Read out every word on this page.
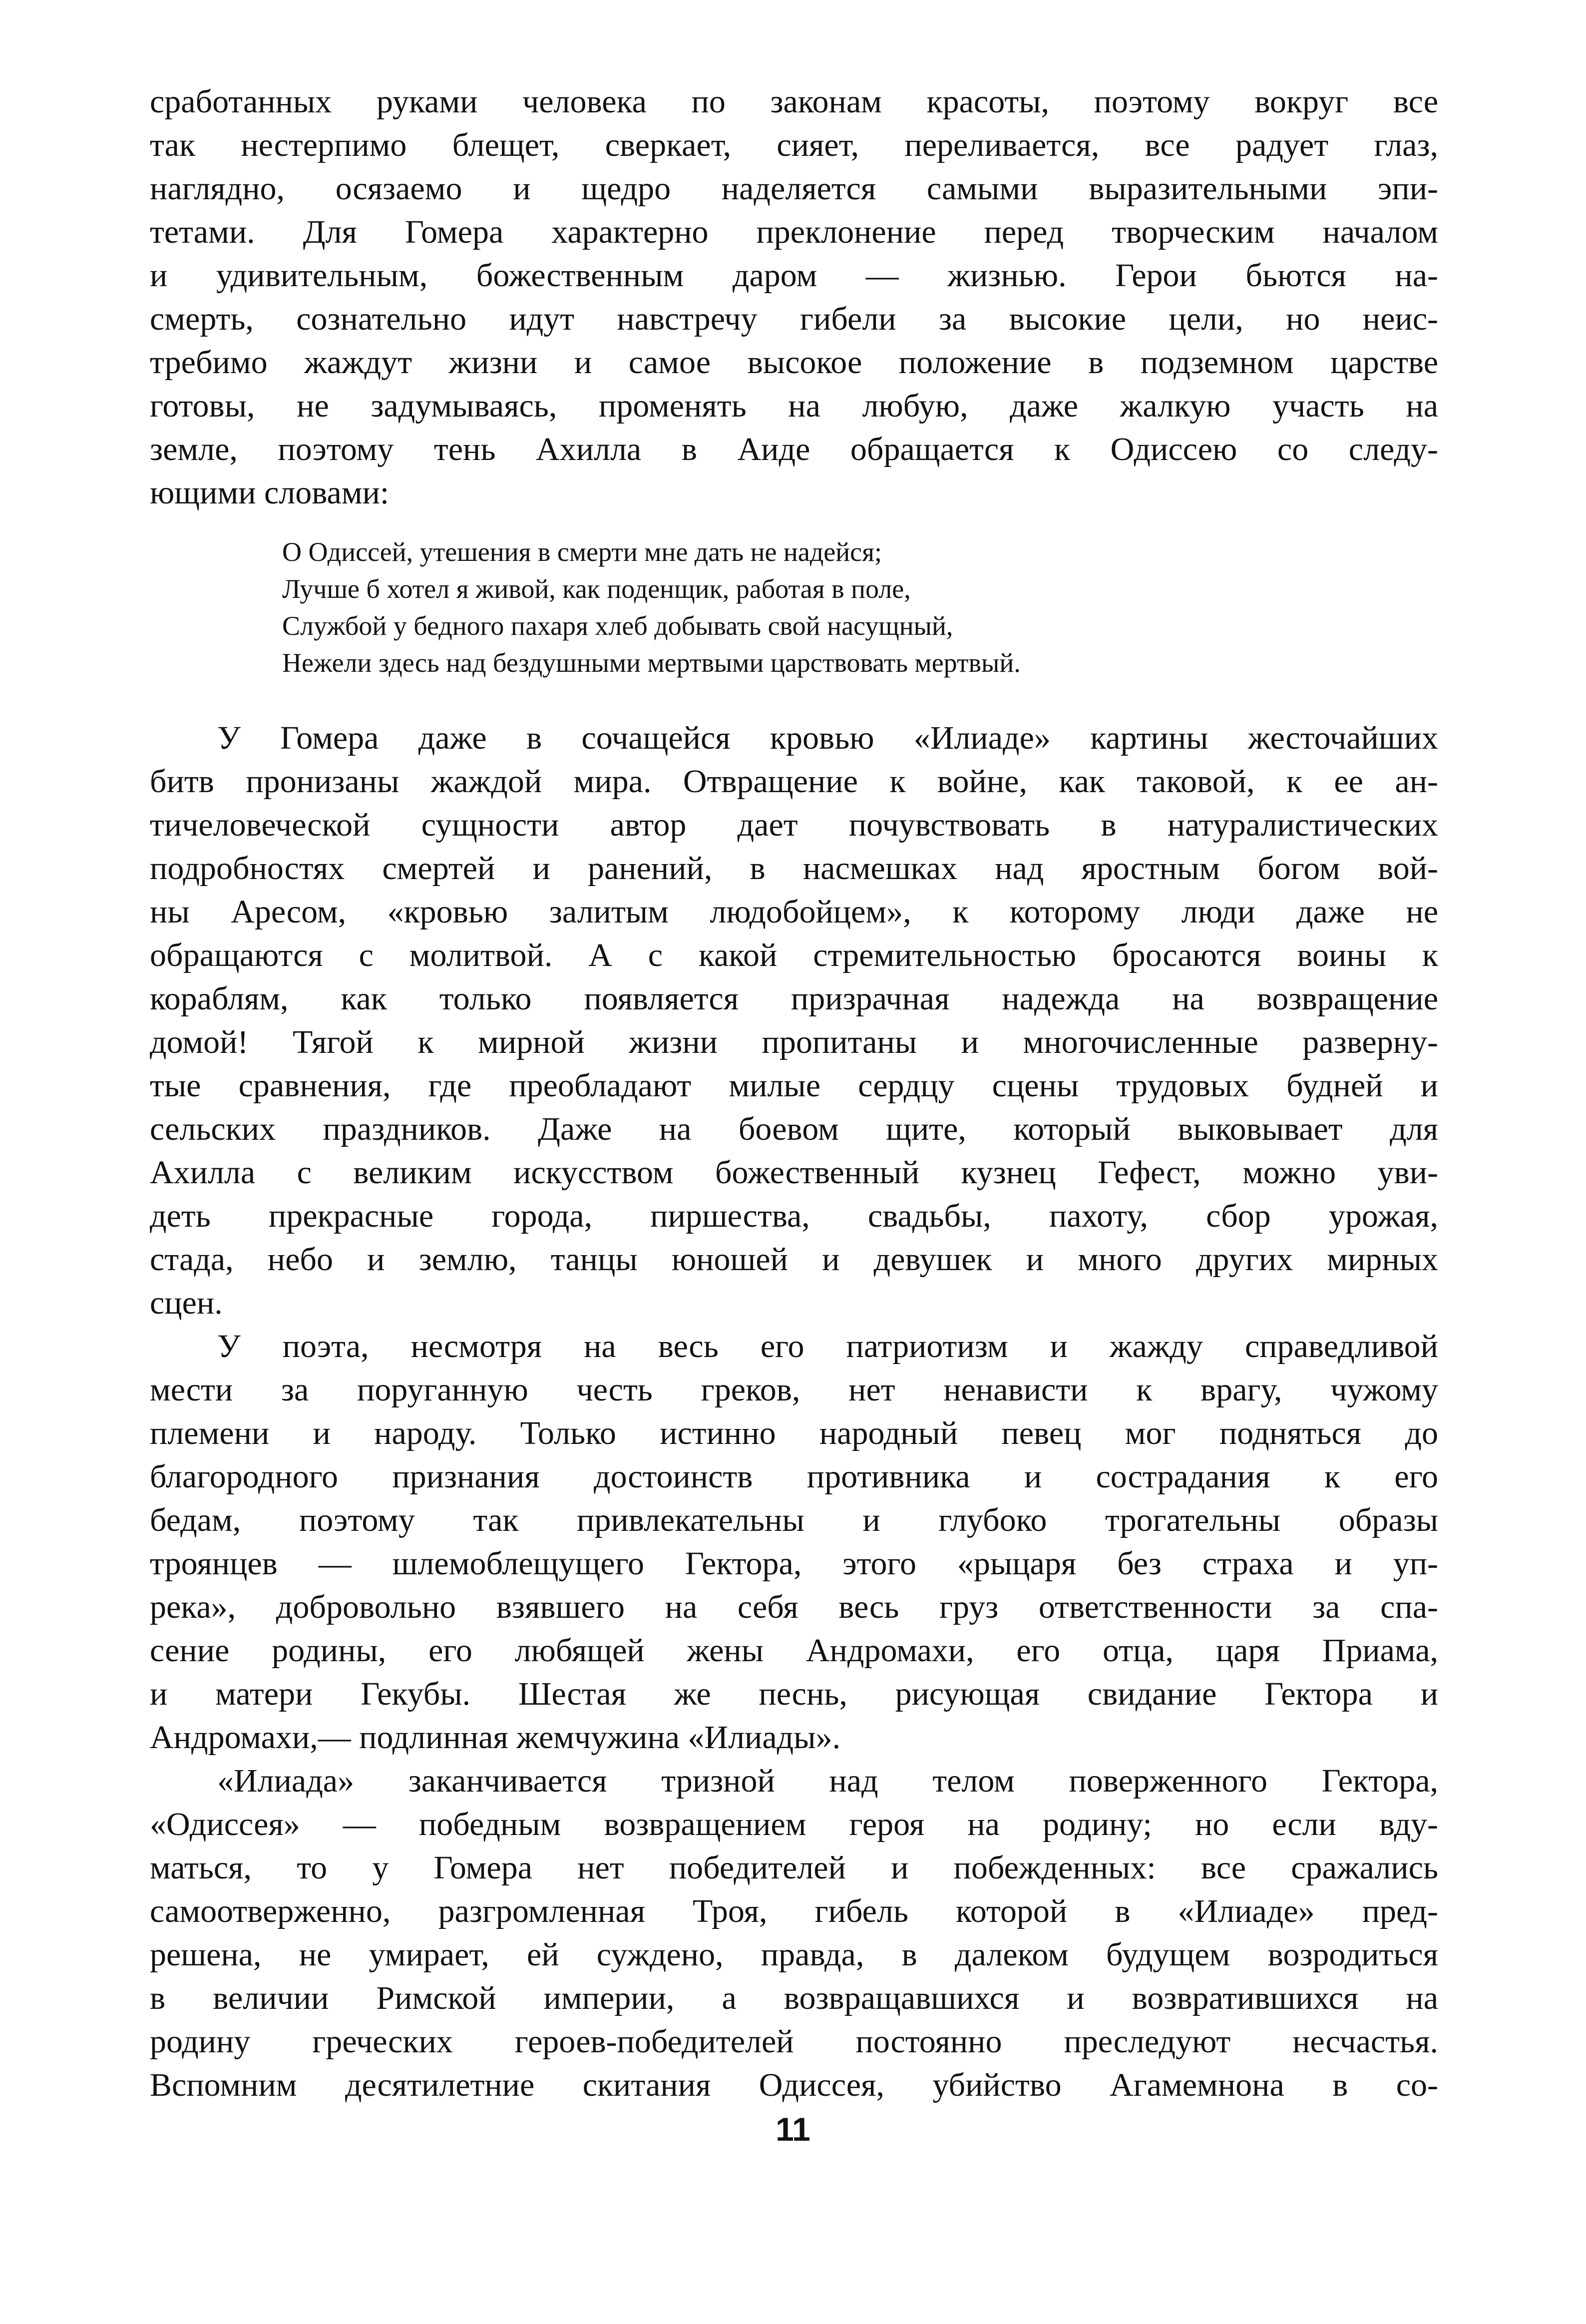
сработанных руками человека по законам красоты, поэтому вокруг все
так нестерпимо блещет, сверкает, сияет, переливается, все радует глаз,
наглядно, осязаемо и щедро наделяется самыми выразительными эпи-
тетами. Для Гомера характерно преклонение перед творческим началом
и удивительным, божественным даром — жизнью. Герои бьются на-
смерть, сознательно идут навстречу гибели за высокие цели, но неис-
требимо жаждут жизни и самое высокое положение в подземном царстве
готовы, не задумываясь, променять на любую, даже жалкую участь на
земле, поэтому тень Ахилла в Аиде обращается к Одиссею со следу-
ющими словами:
О Одиссей, утешения в смерти мне дать не надейся;
Лучше б хотел я живой, как поденщик, работая в поле,
Службой у бедного пахаря хлеб добывать свой насущный,
Нежели здесь над бездушными мертвыми царствовать мертвый.
У Гомера даже в сочащейся кровью «Илиаде» картины жесточайших
битв пронизаны жаждой мира. Отвращение к войне, как таковой, к ее ан-
тичеловеческой сущности автор дает почувствовать в натуралистических
подробностях смертей и ранений, в насмешках над яростным богом вой-
ны Аресом, «кровью залитым людобойцем», к которому люди даже не
обращаются с молитвой. А с какой стремительностью бросаются воины к
кораблям, как только появляется призрачная надежда на возвращение
домой! Тягой к мирной жизни пропитаны и многочисленные разверну-
тые сравнения, где преобладают милые сердцу сцены трудовых будней и
сельских праздников. Даже на боевом щите, который выковывает для
Ахилла с великим искусством божественный кузнец Гефест, можно уви-
деть прекрасные города, пиршества, свадьбы, пахоту, сбор урожая,
стада, небо и землю, танцы юношей и девушек и много других мирных
сцен.
У поэта, несмотря на весь его патриотизм и жажду справедливой
мести за поруганную честь греков, нет ненависти к врагу, чужому
племени и народу. Только истинно народный певец мог подняться до
благородного признания достоинств противника и сострадания к его
бедам, поэтому так привлекательны и глубоко трогательны образы
троянцев — шлемоблещущего Гектора, этого «рыцаря без страха и уп-
река», добровольно взявшего на себя весь груз ответственности за спа-
сение родины, его любящей жены Андромахи, его отца, царя Приама,
и матери Гекубы. Шестая же песнь, рисующая свидание Гектора и
Андромахи,— подлинная жемчужина «Илиады».
«Илиада» заканчивается тризной над телом поверженного Гектора,
«Одиссея» — победным возвращением героя на родину; но если вду-
маться, то у Гомера нет победителей и побежденных: все сражались
самоотверженно, разгромленная Троя, гибель которой в «Илиаде» пред-
решена, не умирает, ей суждено, правда, в далеком будущем возродиться
в величии Римской империи, а возвращавшихся и возвратившихся на
родину греческих героев-победителей постоянно преследуют несчастья.
Вспомним десятилетние скитания Одиссея, убийство Агамемнона в со-
11
